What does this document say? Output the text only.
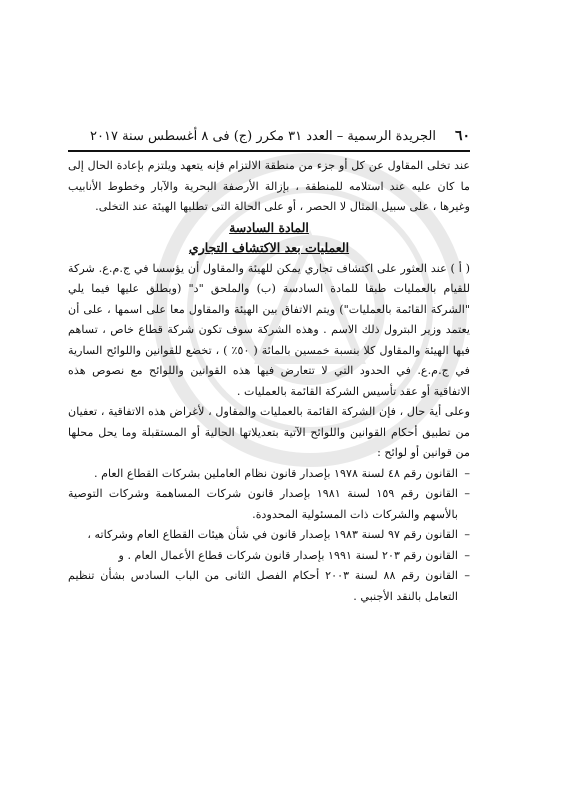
٦٠
الجريدة الرسمية – العدد ٣١ مكرر (ج) فى ٨ أغسطس سنة ٢٠١٧

عند تخلى المقاول عن كل أو جزء من منطقة الالتزام فإنه يتعهد ويلتزم بإعادة الحال إلى ما كان عليه عند استلامه للمنطقة ، بإزالة الأرصفة البحرية والآبار وخطوط الأنابيب وغيرها ، على سبيل المثال لا الحصر ، أو على الحالة التى تطلبها الهيئة عند التخلى.

المادة السادسة

العمليات بعد الاكتشاف التجاري

( أ ) عند العثور على اكتشاف تجاري يمكن للهيئة والمقاول أن يؤسسا في ج.م.ع. شركة للقيام بالعمليات طبقا للمادة السادسة (ب) والملحق "د" (ويطلق عليها فيما يلي "الشركة القائمة بالعمليات") ويتم الاتفاق بين الهيئة والمقاول معا على اسمها ، على أن يعتمد وزير البترول ذلك الاسم . وهذه الشركة سوف تكون شركة قطاع خاص ، تساهم فيها الهيئة والمقاول كلا بنسبة خمسين بالمائة ( ٥٠٪ ) ، تخضع للقوانين واللوائح السارية في ج.م.ع. في الحدود التي لا تتعارض فيها هذه القوانين واللوائح مع نصوص هذه الاتفاقية أو عقد تأسيس الشركة القائمة بالعمليات .

وعلى أية حال ، فإن الشركة القائمة بالعمليات والمقاول ، لأغراض هذه الاتفاقية ، تعفيان من تطبيق أحكام القوانين واللوائح الآتية بتعديلاتها الحالية أو المستقبلة وما يحل محلها من قوانين أو لوائح :

–
القانون رقم ٤٨ لسنة ١٩٧٨ بإصدار قانون نظام العاملين بشركات القطاع العام .
–
القانون رقم ١٥٩ لسنة ١٩٨١ بإصدار قانون شركات المساهمة وشركات التوصية بالأسهم والشركات ذات المسئولية المحدودة.
–
القانون رقم ٩٧ لسنة ١٩٨٣ بإصدار قانون في شأن هيئات القطاع العام وشركاته ،
–
القانون رقم ٢٠٣ لسنة ١٩٩١ بإصدار قانون شركات قطاع الأعمال العام . و
–
القانون رقم ٨٨ لسنة ٢٠٠٣ أحكام الفصل الثانى من الباب السادس بشأن تنظيم التعامل بالنقد الأجنبي .
